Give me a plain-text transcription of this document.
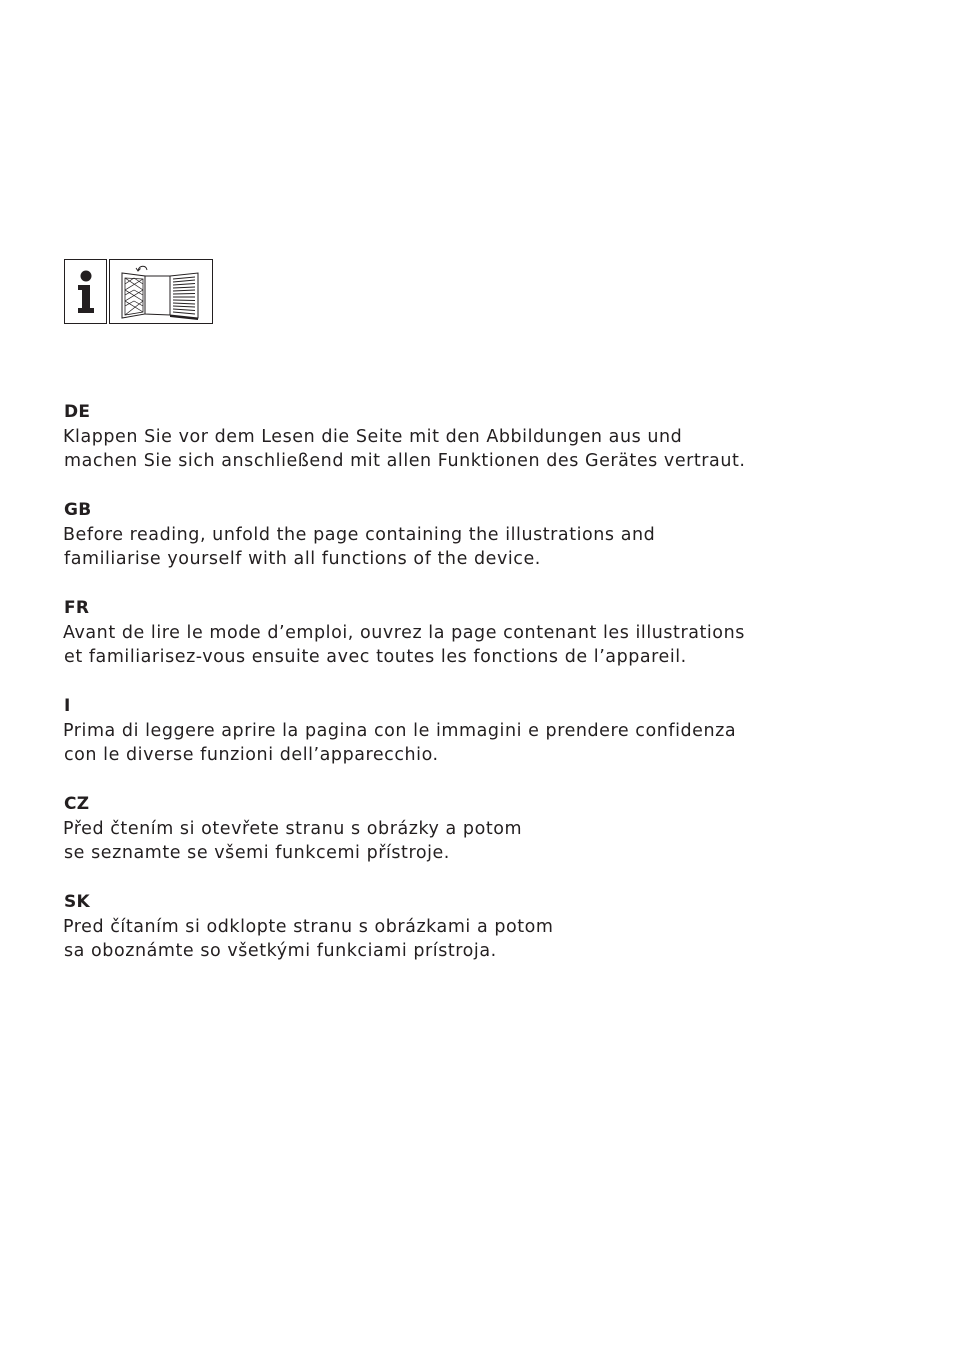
DE

Klappen Sie vor dem Lesen die Seite mit den Abbildungen aus und
machen Sie sich anschließend mit allen Funktionen des Gerätes vertraut.

GB

Before reading, unfold the page containing the illustrations and
familiarise yourself with all functions of the device.

FR

Avant de lire le mode d’emploi, ouvrez la page contenant les illustrations
et familiarisez-vous ensuite avec toutes les fonctions de l’appareil.

I

Prima di leggere aprire la pagina con le immagini e prendere confidenza
con le diverse funzioni dell’apparecchio.

CZ

Před čtením si otevřete stranu s obrázky a potom
se seznamte se všemi funkcemi přístroje.

SK

Pred čítaním si odklopte stranu s obrázkami a potom
sa oboznámte so všetkými funkciami prístroja.
